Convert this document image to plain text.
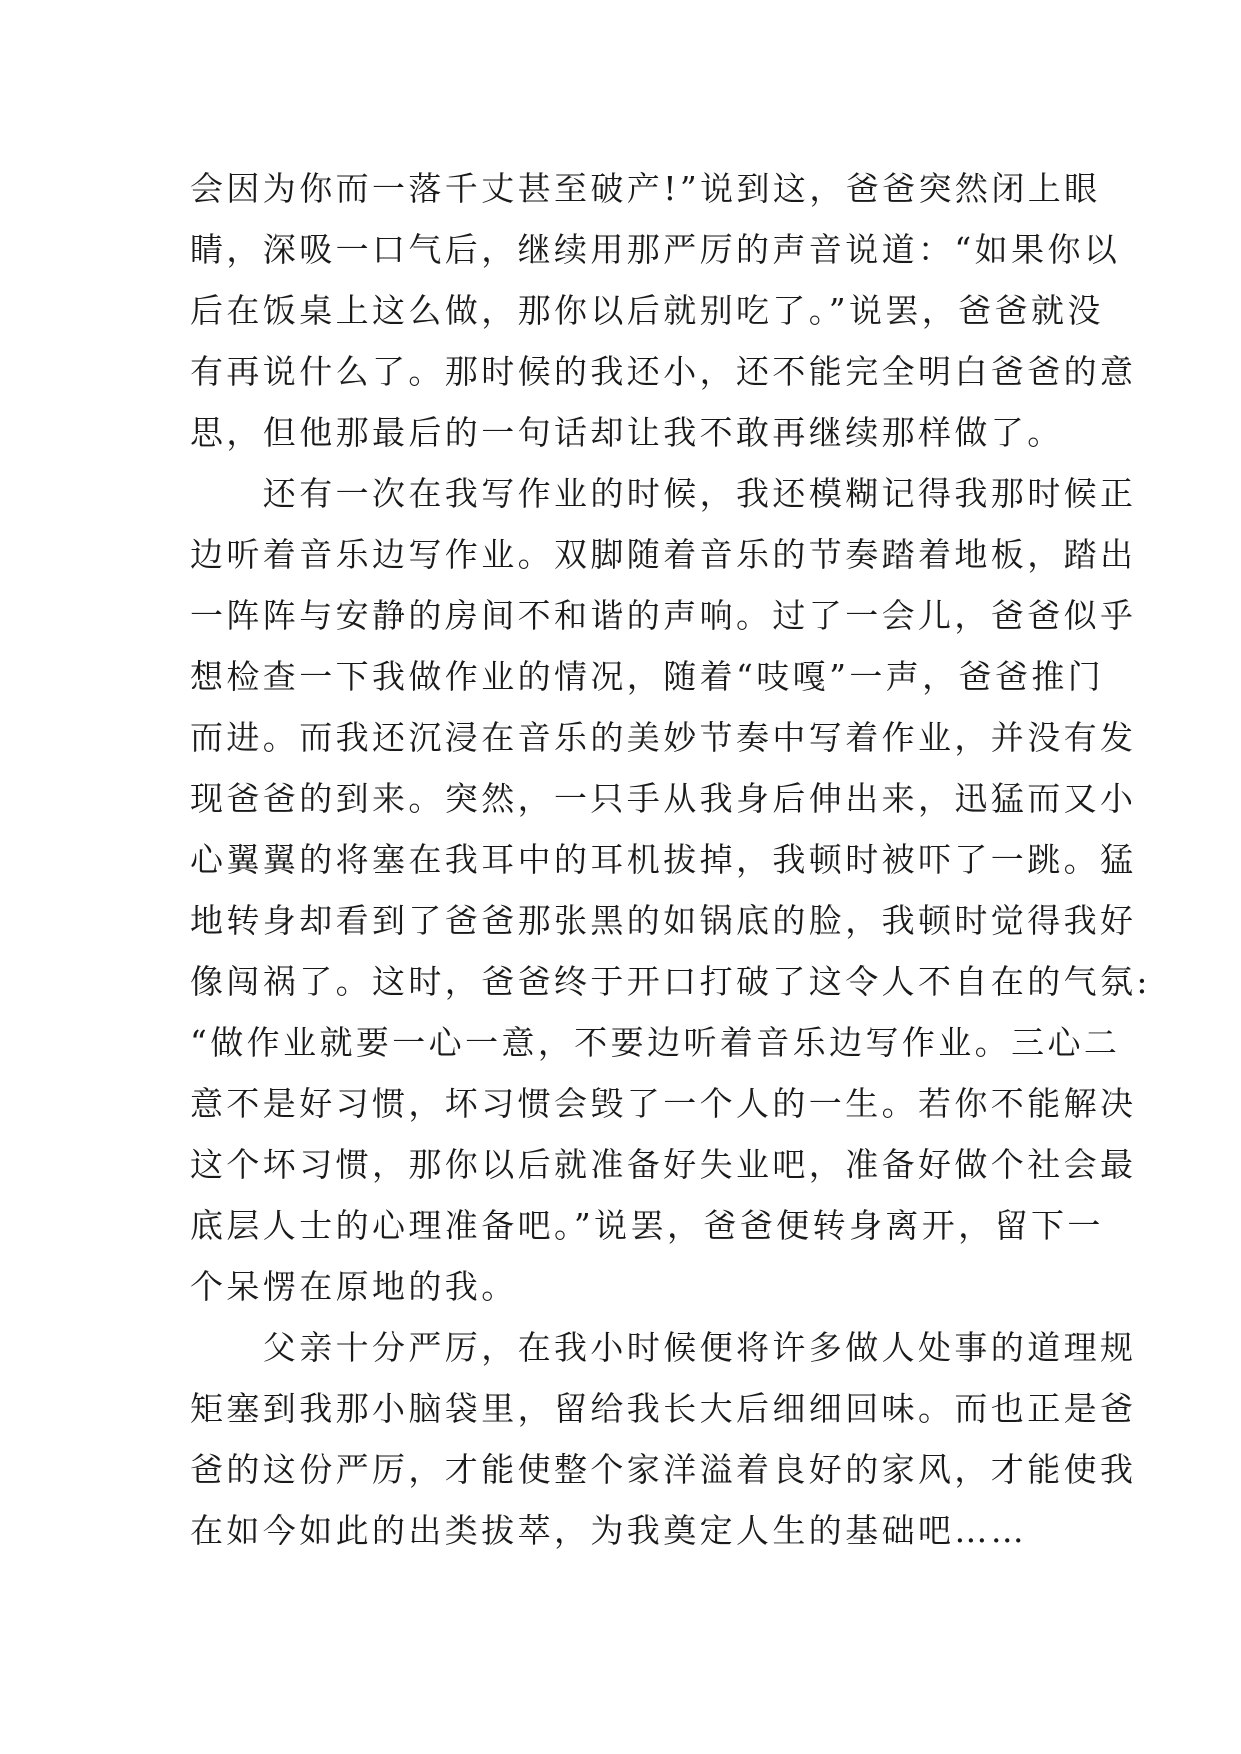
会因为你而一落千丈甚至破产!”说到这，爸爸突然闭上眼

睛，深吸一口气后，继续用那严厉的声音说道：“如果你以

后在饭桌上这么做，那你以后就别吃了。”说罢，爸爸就没

有再说什么了。那时候的我还小，还不能完全明白爸爸的意

思，但他那最后的一句话却让我不敢再继续那样做了。

　　还有一次在我写作业的时候，我还模糊记得我那时候正

边听着音乐边写作业。双脚随着音乐的节奏踏着地板，踏出

一阵阵与安静的房间不和谐的声响。过了一会儿，爸爸似乎

想检查一下我做作业的情况，随着“吱嘎”一声，爸爸推门

而进。而我还沉浸在音乐的美妙节奏中写着作业，并没有发

现爸爸的到来。突然，一只手从我身后伸出来，迅猛而又小

心翼翼的将塞在我耳中的耳机拔掉，我顿时被吓了一跳。猛

地转身却看到了爸爸那张黑的如锅底的脸，我顿时觉得我好

像闯祸了。这时，爸爸终于开口打破了这令人不自在的气氛:

“做作业就要一心一意，不要边听着音乐边写作业。三心二

意不是好习惯，坏习惯会毁了一个人的一生。若你不能解决

这个坏习惯，那你以后就准备好失业吧，准备好做个社会最

底层人士的心理准备吧。”说罢，爸爸便转身离开，留下一

个呆愣在原地的我。

　　父亲十分严厉，在我小时候便将许多做人处事的道理规

矩塞到我那小脑袋里，留给我长大后细细回味。而也正是爸

爸的这份严厉，才能使整个家洋溢着良好的家风，才能使我

在如今如此的出类拔萃，为我奠定人生的基础吧……
